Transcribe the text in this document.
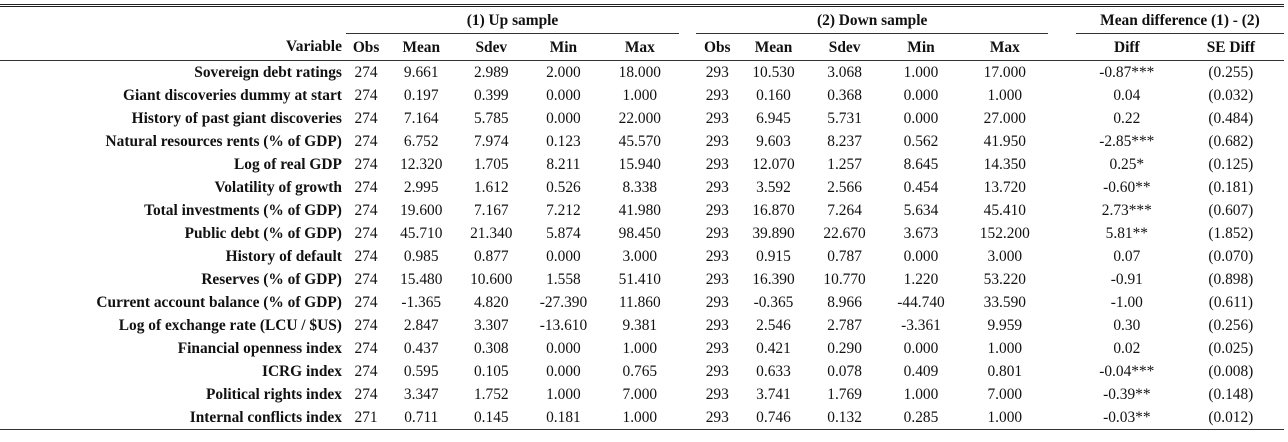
	(1) Up sample						(2) Down sample						Mean difference (1) - (2)	
Variable	Obs	Mean	Sdev	Min	Max		Obs	Mean	Sdev	Min	Max		Diff	SE Diff
Sovereign debt ratings	274	9.661	2.989	2.000	18.000		293	10.530	3.068	1.000	17.000		-0.87***	(0.255)
Giant discoveries dummy at start	274	0.197	0.399	0.000	1.000		293	0.160	0.368	0.000	1.000		0.04	(0.032)
History of past giant discoveries	274	7.164	5.785	0.000	22.000		293	6.945	5.731	0.000	27.000		0.22	(0.484)
Natural resources rents (% of GDP)	274	6.752	7.974	0.123	45.570		293	9.603	8.237	0.562	41.950		-2.85***	(0.682)
Log of real GDP	274	12.320	1.705	8.211	15.940		293	12.070	1.257	8.645	14.350		0.25*	(0.125)
Volatility of growth	274	2.995	1.612	0.526	8.338		293	3.592	2.566	0.454	13.720		-0.60**	(0.181)
Total investments (% of GDP)	274	19.600	7.167	7.212	41.980		293	16.870	7.264	5.634	45.410		2.73***	(0.607)
Public debt (% of GDP)	274	45.710	21.340	5.874	98.450		293	39.890	22.670	3.673	152.200		5.81**	(1.852)
History of default	274	0.985	0.877	0.000	3.000		293	0.915	0.787	0.000	3.000		0.07	(0.070)
Reserves (% of GDP)	274	15.480	10.600	1.558	51.410		293	16.390	10.770	1.220	53.220		-0.91	(0.898)
Current account balance (% of GDP)	274	-1.365	4.820	-27.390	11.860		293	-0.365	8.966	-44.740	33.590		-1.00	(0.611)
Log of exchange rate (LCU / $US)	274	2.847	3.307	-13.610	9.381		293	2.546	2.787	-3.361	9.959		0.30	(0.256)
Financial openness index	274	0.437	0.308	0.000	1.000		293	0.421	0.290	0.000	1.000		0.02	(0.025)
ICRG index	274	0.595	0.105	0.000	0.765		293	0.633	0.078	0.409	0.801		-0.04***	(0.008)
Political rights index	274	3.347	1.752	1.000	7.000		293	3.741	1.769	1.000	7.000		-0.39**	(0.148)
Internal conflicts index	271	0.711	0.145	0.181	1.000		293	0.746	0.132	0.285	1.000		-0.03**	(0.012)
